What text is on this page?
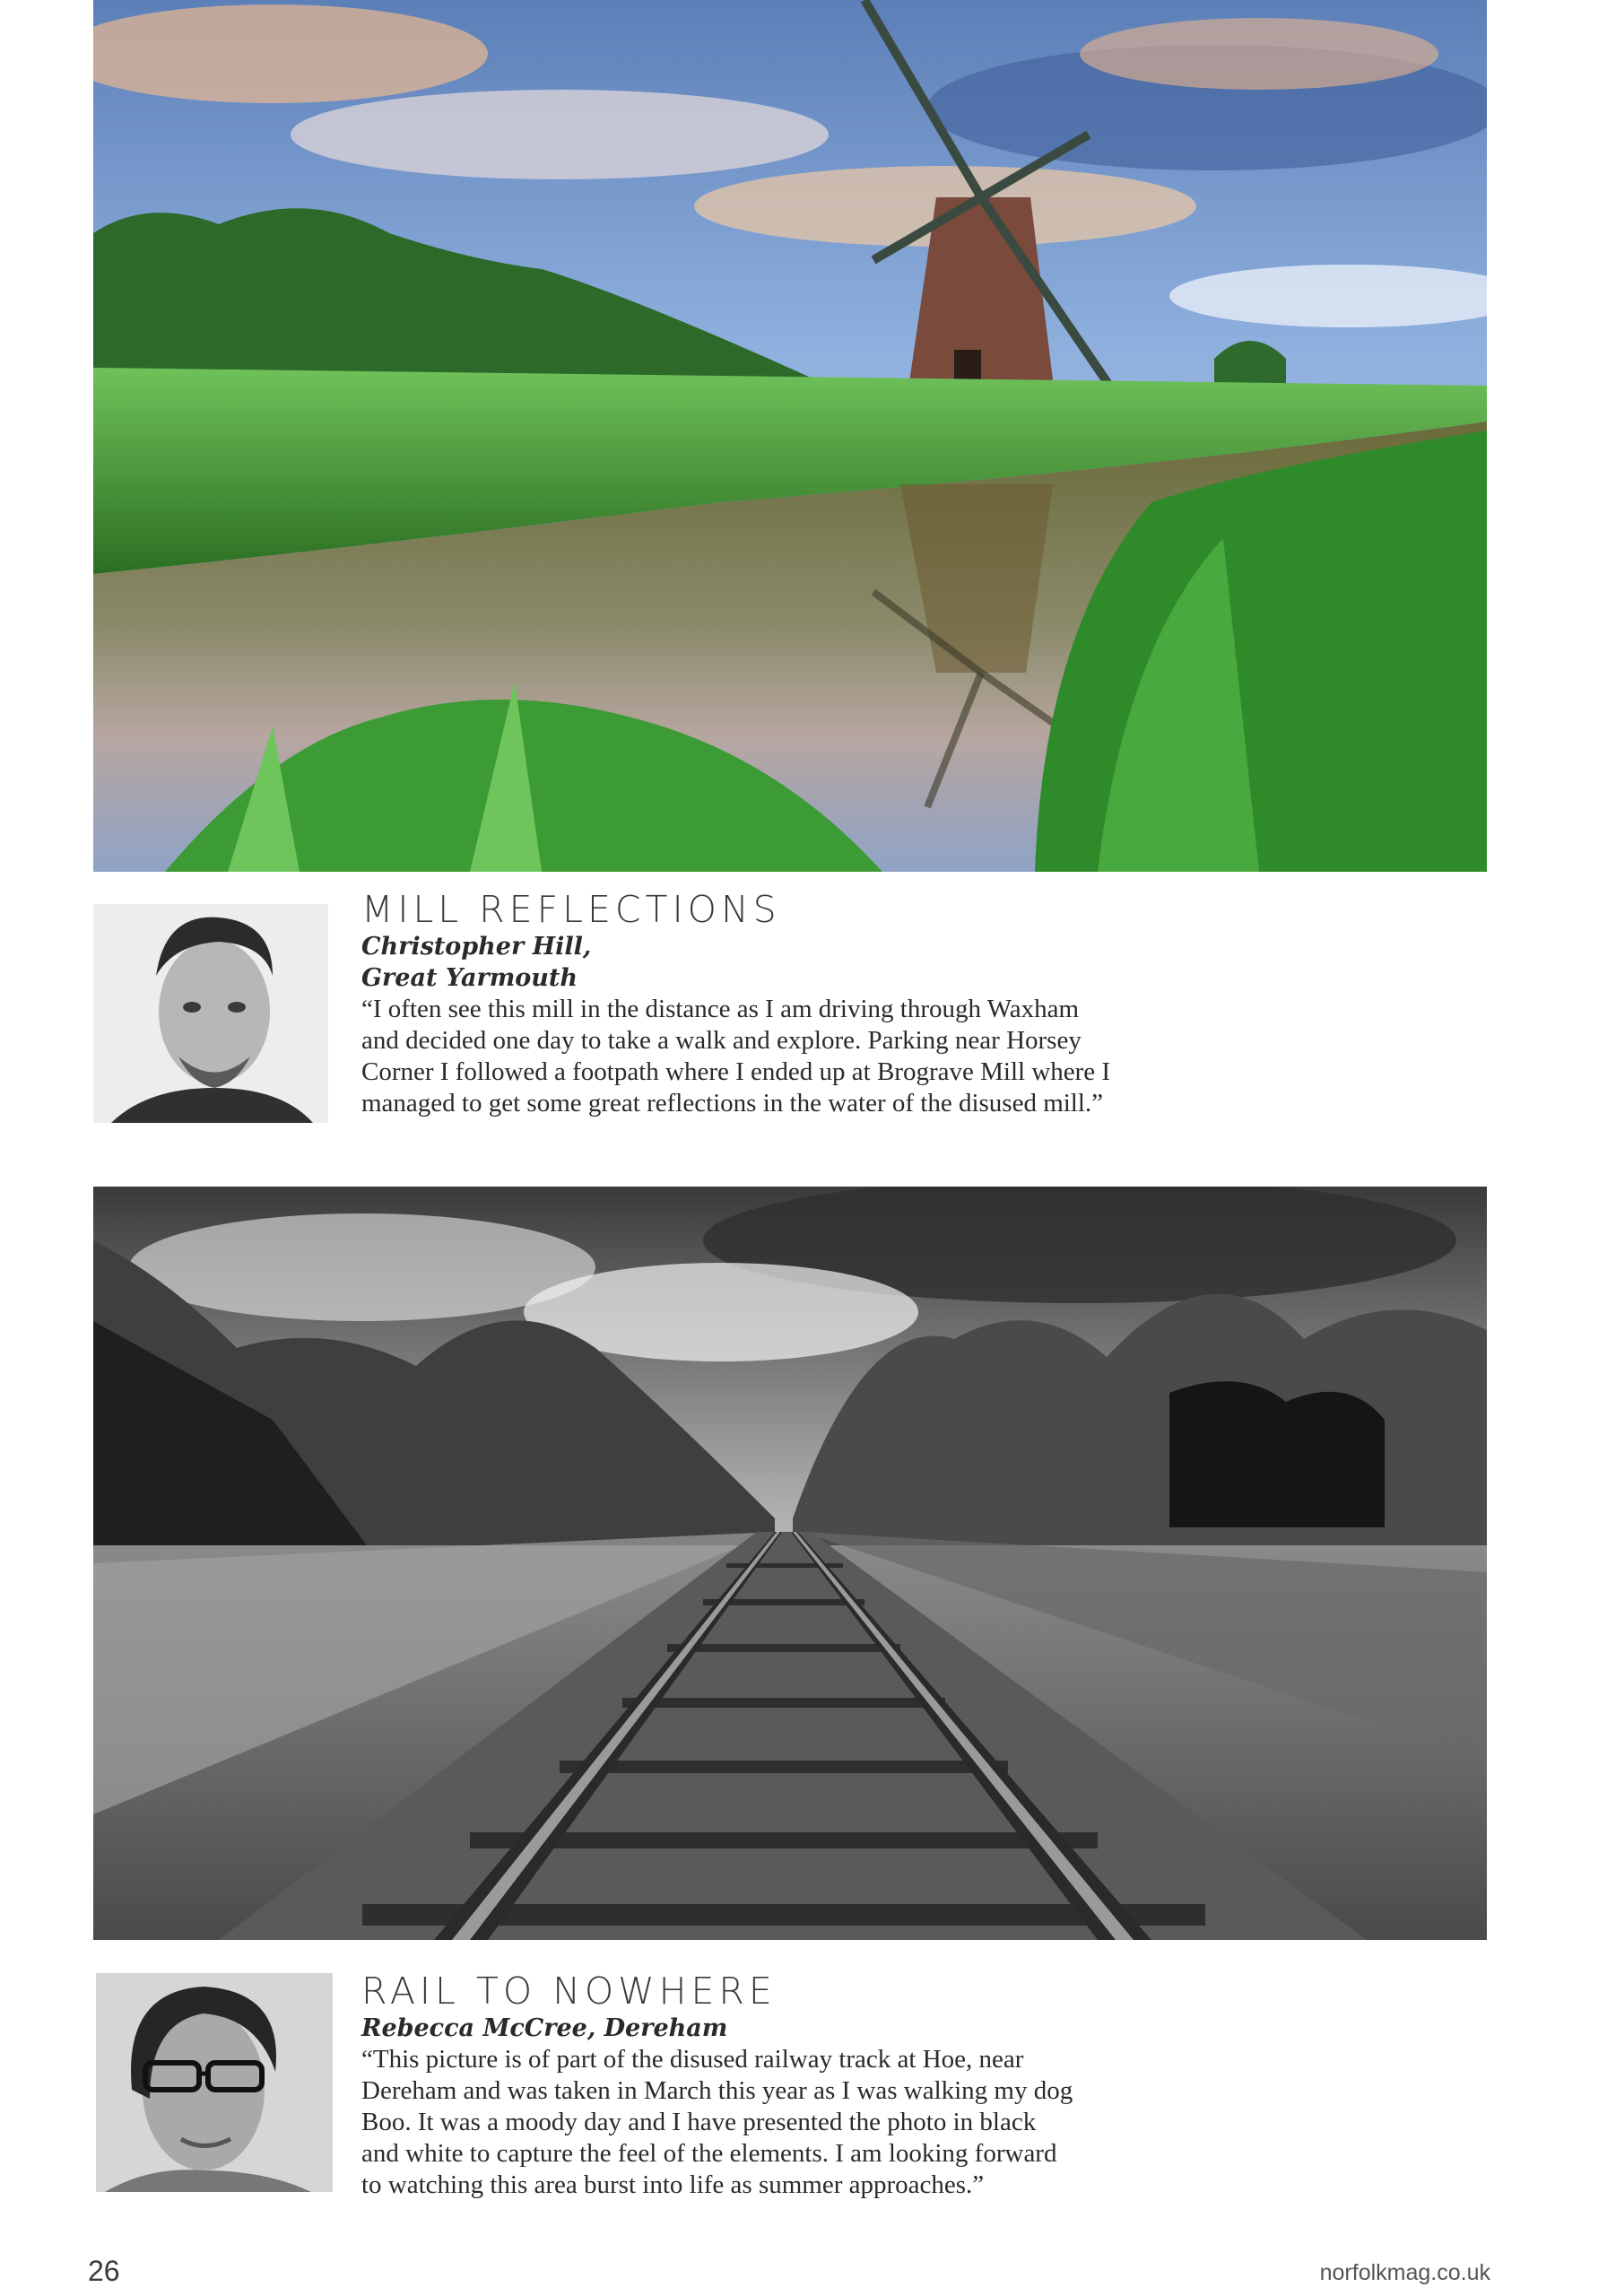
MILL REFLECTIONS

Christopher Hill,
Great Yarmouth

“I often see this mill in the distance as I am driving through Waxham
and decided one day to take a walk and explore. Parking near Horsey
Corner I followed a footpath where I ended up at Brograve Mill where I
managed to get some great reflections in the water of the disused mill.”

RAIL TO NOWHERE

Rebecca McCree, Dereham

“This picture is of part of the disused railway track at Hoe, near
Dereham and was taken in March this year as I was walking my dog
Boo. It was a moody day and I have presented the photo in black
and white to capture the feel of the elements. I am looking forward
to watching this area burst into life as summer approaches.”

26	norfolkmag.co.uk
